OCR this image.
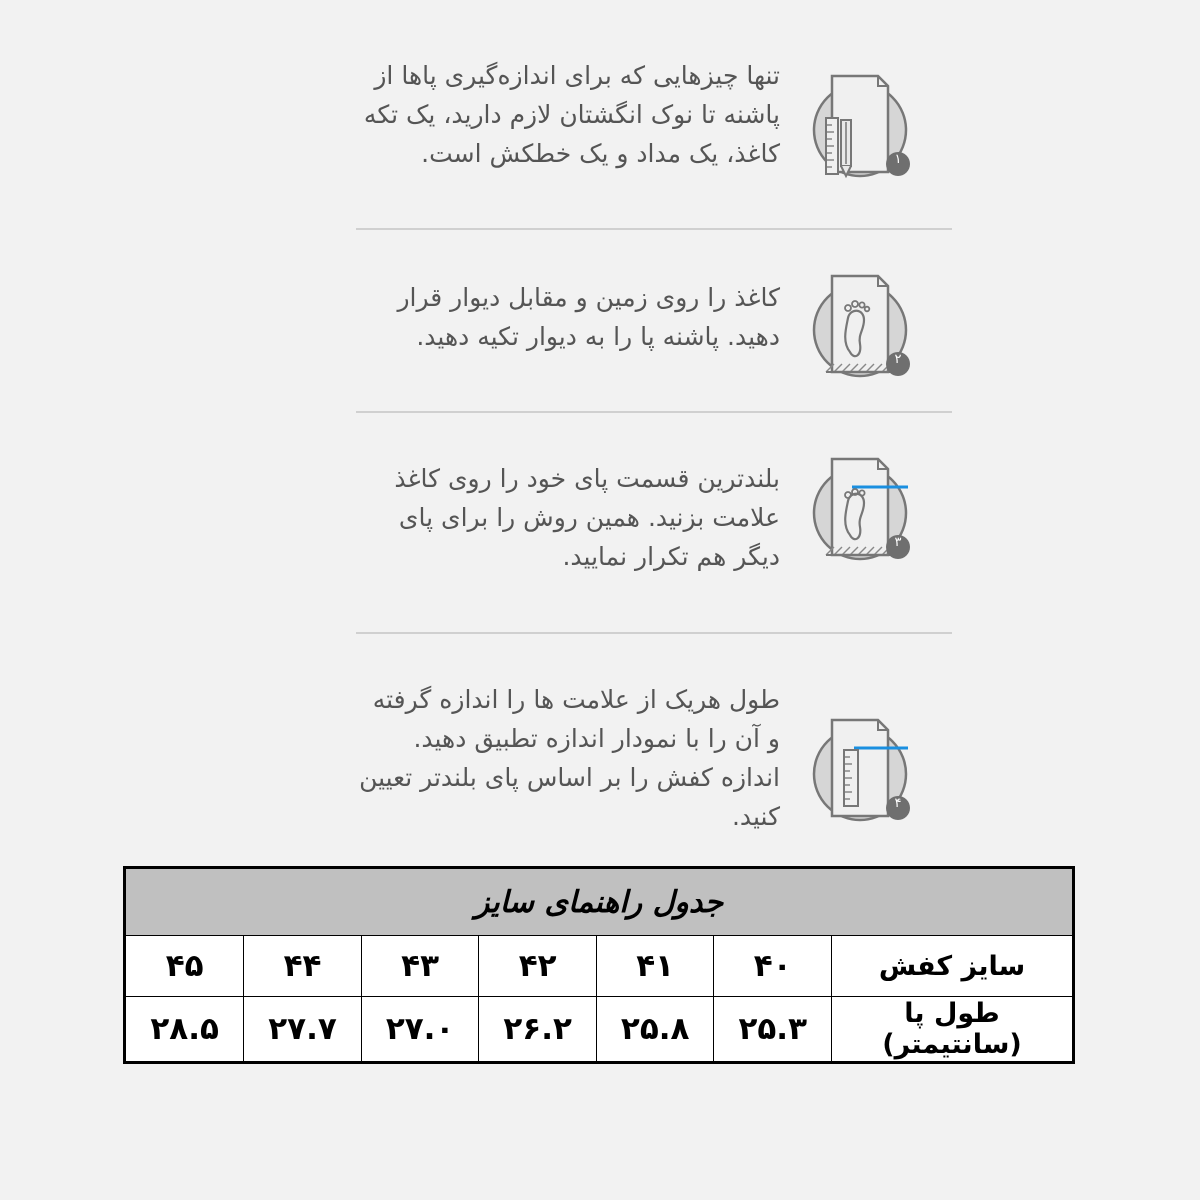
١
تنها چیزهایی که برای اندازه‌گیری پاها از پاشنه تا نوک انگشتان لازم دارید، یک تکه کاغذ، یک مداد و یک خطکش است.
٢
کاغذ را روی زمین و مقابل دیوار قرار دهید. پاشنه پا را به دیوار تکیه دهید.
٣
بلندترین قسمت پای خود را روی کاغذ علامت بزنید. همین روش را برای پای دیگر هم تکرار نمایید.
۴
طول هریک از علامت ها را اندازه گرفته و آن را با نمودار اندازه تطبیق دهید. اندازه کفش را بر اساس پای بلندتر تعیین کنید.
جدول راهنمای سایز						
سایز کفش	۴۰	۴۱	۴۲	۴۳	۴۴	۴۵
طول پا (سانتیمتر)	۲۵.۳	۲۵.۸	۲۶.۲	۲۷.۰	۲۷.۷	۲۸.۵
